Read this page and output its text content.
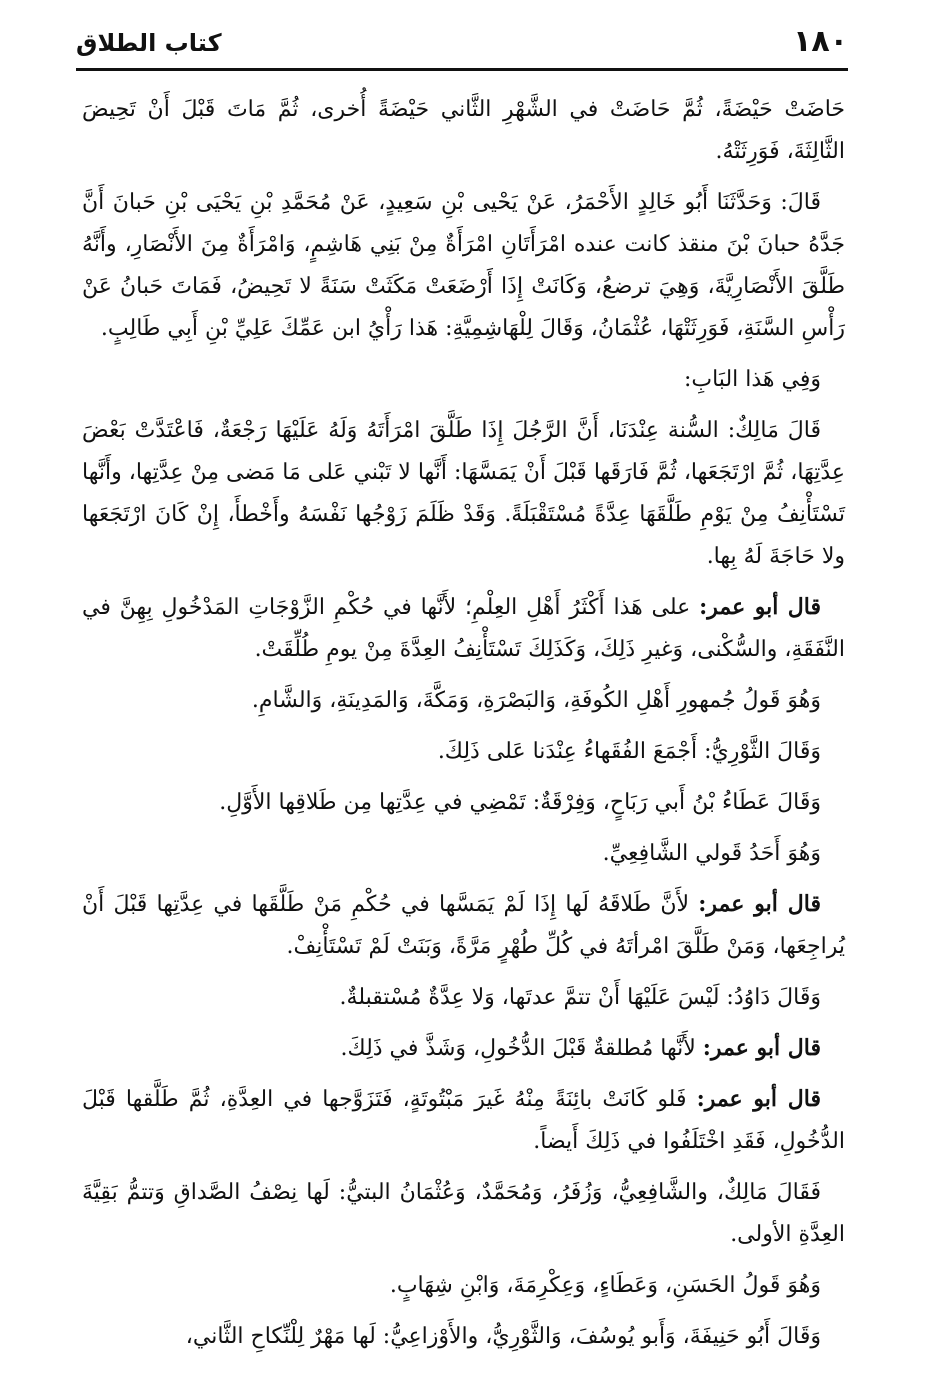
١٨٠
كتاب الطلاق

حَاضَتْ حَيْضَةً، ثُمَّ حَاضَتْ في الشَّهْرِ الثَّاني حَيْضَةً أُخرى، ثُمَّ مَاتَ قَبْلَ أَنْ تَحِيضَ الثَّالِثَةَ، فَوَرِثَتْهُ.

قَالَ: وَحَدَّثَنَا أَبُو خَالِدٍ الأَحْمَرُ، عَنْ يَحْيى بْنِ سَعِيدٍ، عَنْ مُحَمَّدِ بْنِ يَحْيَى بْنِ حَبانَ أَنَّ جَدَّهُ حبانَ بْنَ منقذ كانت عنده امْرَأَتَانِ امْرَأَةٌ مِنْ بَنِي هَاشِمٍ، وَامْرَأَةٌ مِنَ الأَنْصَارِ، وأَنَّهُ طَلَّقَ الأَنْصَارِيَّةَ، وَهِيَ ترضعُ، وَكَانَتْ إِذَا أَرْضَعَتْ مَكَثَتْ سَنَةً لا تَحِيضُ، فَمَاتَ حَبانُ عَنْ رَأْسِ السَّنَةِ، فَوَرِثَتْهَا، عُثْمَانُ، وَقَالَ لِلْهَاشِمِيَّةِ: هَذا رَأْيُ ابن عَمِّكَ عَلِيِّ بْنِ أَبِي طَالِبٍ.

وَفِي هَذا البَابِ:

قَالَ مَالِكٌ: السُّنة عِنْدَنَا، أَنَّ الرَّجُلَ إِذَا طَلَّقَ امْرَأَتَهُ وَلَهُ عَلَيْهَا رَجْعَةٌ، فَاعْتَدَّتْ بَعْضَ عِدَّتِهَا، ثُمَّ ارْتَجَعَها، ثُمَّ فَارَقَها قَبْلَ أَنْ يَمَسَّهَا: أَنَّها لا تَبْني عَلى مَا مَضى مِنْ عِدَّتِها، وأَنَّها تَسْتَأْنِفُ مِنْ يَوْمِ طَلَّقَهَا عِدَّةً مُسْتَقْبَلَةً. وَقَدْ ظَلَمَ زَوْجُها نَفْسَهُ وأَخْطأَ، إِنْ كَانَ ارْتَجَعَها ولا حَاجَةَ لَهُ بِها.

قال أبو عمر: على هَذا أَكْثَرُ أَهْلِ العِلْمِ؛ لأَنَّها في حُكْمِ الزَّوْجَاتِ المَدْخُولِ بِهِنَّ في النَّفَقَةِ، والسُّكْنى، وَغيرِ ذَلِكَ، وَكَذَلِكَ تَسْتَأْنِفُ العِدَّةَ مِنْ يومِ طُلِّقَتْ.

وَهُوَ قَولُ جُمهورِ أَهْلِ الكُوفَةِ، وَالبَصْرَةِ، وَمَكَّةَ، وَالمَدِينَةِ، وَالشَّامِ.

وَقَالَ الثَّوْرِيُّ: أَجْمَعَ الفُقَهاءُ عِنْدَنا عَلى ذَلِكَ.

وَقَالَ عَطَاءُ بْنُ أَبي رَبَاحٍ، وَفِرْقَةٌ: تَمْضِي في عِدَّتِها مِن طَلاقِها الأَوَّلِ.

وَهُوَ أَحَدُ قَولي الشَّافِعِيِّ.

قال أبو عمر: لأَنَّ طَلاقَهُ لَها إِذَا لَمْ يَمَسَّها في حُكْمِ مَنْ طَلَّقَها في عِدَّتِها قَبْلَ أَنْ يُراجِعَها، وَمَنْ طَلَّقَ امْرأتَهُ في كُلِّ طُهْرٍ مَرَّةً، وَبَنَتْ لَمْ تَسْتَأْنِفْ.

وَقَالَ دَاوُدُ: لَيْسَ عَلَيْهَا أَنْ تتمَّ عدتَها، وَلا عِدَّةٌ مُسْتقبلةٌ.

قال أبو عمر: لأَنَّها مُطلقةٌ قَبْلَ الدُّخُولِ، وَشَذَّ في ذَلِكَ.

قال أبو عمر: فَلو كَانَتْ بائِنَةً مِنْهُ غَيرَ مَبْتُوتَةٍ، فَتَزَوَّجها في العِدَّةِ، ثُمَّ طَلَّقها قَبْلَ الدُّخُولِ، فَقَدِ اخْتَلَفُوا في ذَلِكَ أَيضاً.

فَقَالَ مَالِكٌ، والشَّافِعِيُّ، وَزُفَرُ، وَمُحَمَّدٌ، وَعُثْمَانُ البتيُّ: لَها نِصْفُ الصَّداقِ وَتتمُّ بَقِيَّةَ العِدَّةِ الأولى.

وَهُوَ قَولُ الحَسَنِ، وَعَطَاءٍ، وَعِكْرِمَةَ، وَابْنِ شِهَابٍ.

وَقَالَ أَبُو حَنِيفَةَ، وَأَبو يُوسُفَ، وَالثَّوْرِيُّ، والأَوْزاعِيُّ: لَها مَهْرٌ لِلْنِّكاحِ الثَّاني،
